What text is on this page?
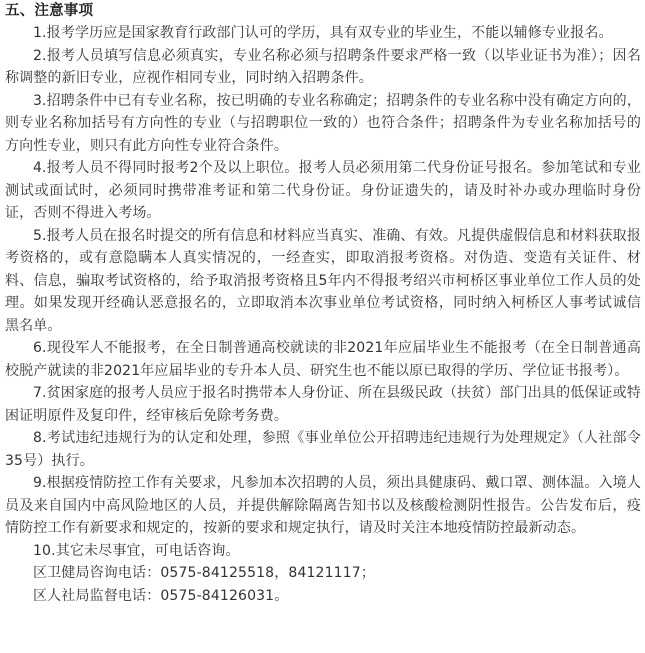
五、注意事项

1.报考学历应是国家教育行政部门认可的学历，具有双专业的毕业生，不能以辅修专业报名。

2.报考人员填写信息必须真实，专业名称必须与招聘条件要求严格一致（以毕业证书为准）；因名称调整的新旧专业，应视作相同专业，同时纳入招聘条件。

3.招聘条件中已有专业名称，按已明确的专业名称确定；招聘条件的专业名称中没有确定方向的，则专业名称加括号有方向性的专业（与招聘职位一致的）也符合条件；招聘条件为专业名称加括号的方向性专业，则只有此方向性专业符合条件。

4.报考人员不得同时报考2个及以上职位。报考人员必须用第二代身份证号报名。参加笔试和专业测试或面试时，必须同时携带准考证和第二代身份证。身份证遗失的，请及时补办或办理临时身份证，否则不得进入考场。

5.报考人员在报名时提交的所有信息和材料应当真实、准确、有效。凡提供虚假信息和材料获取报考资格的，或有意隐瞒本人真实情况的，一经查实，即取消报考资格。对伪造、变造有关证件、材料、信息，骗取考试资格的，给予取消报考资格且5年内不得报考绍兴市柯桥区事业单位工作人员的处理。如果发现开经确认恶意报名的，立即取消本次事业单位考试资格，同时纳入柯桥区人事考试诚信黑名单。

6.现役军人不能报考，在全日制普通高校就读的非2021年应届毕业生不能报考（在全日制普通高校脱产就读的非2021年应届毕业的专升本人员、研究生也不能以原已取得的学历、学位证书报考）。

7.贫困家庭的报考人员应于报名时携带本人身份证、所在县级民政（扶贫）部门出具的低保证或特困证明原件及复印件，经审核后免除考务费。

8.考试违纪违规行为的认定和处理，参照《事业单位公开招聘违纪违规行为处理规定》（人社部令35号）执行。

9.根据疫情防控工作有关要求，凡参加本次招聘的人员，须出具健康码、戴口罩、测体温。入境人员及来自国内中高风险地区的人员，并提供解除隔离告知书以及核酸检测阴性报告。公告发布后，疫情防控工作有新要求和规定的，按新的要求和规定执行，请及时关注本地疫情防控最新动态。

10.其它未尽事宜，可电话咨询。

区卫健局咨询电话：0575-84125518，84121117；

区人社局监督电话：0575-84126031。
